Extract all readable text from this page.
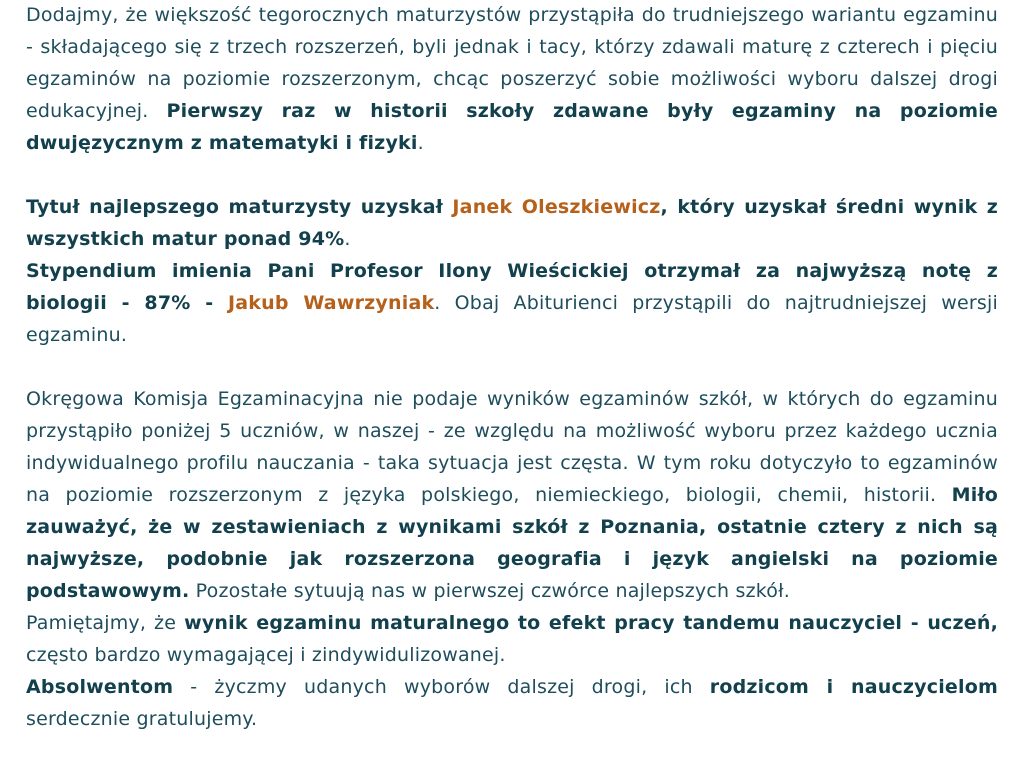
Dodajmy, że większość tegorocznych maturzystów przystąpiła do trudniejszego wariantu egzaminu - składającego się z trzech rozszerzeń, byli jednak i tacy, którzy zdawali maturę z czterech i pięciu egzaminów na poziomie rozszerzonym, chcąc poszerzyć sobie możliwości wyboru dalszej drogi edukacyjnej. Pierwszy raz w historii szkoły zdawane były egzaminy na poziomie dwujęzycznym z matematyki i fizyki.

Tytuł najlepszego maturzysty uzyskał Janek Oleszkiewicz, który uzyskał średni wynik z wszystkich matur ponad 94%.

Stypendium imienia Pani Profesor Ilony Wieścickiej otrzymał za najwyższą notę z biologii - 87% - Jakub Wawrzyniak. Obaj Abiturienci przystąpili do najtrudniejszej wersji egzaminu.

Okręgowa Komisja Egzaminacyjna nie podaje wyników egzaminów szkół, w których do egzaminu przystąpiło poniżej 5 uczniów, w naszej - ze względu na możliwość wyboru przez każdego ucznia indywidualnego profilu nauczania - taka sytuacja jest częsta. W tym roku dotyczyło to egzaminów na poziomie rozszerzonym z języka polskiego, niemieckiego, biologii, chemii, historii. Miło zauważyć, że w zestawieniach z wynikami szkół z Poznania, ostatnie cztery z nich są najwyższe, podobnie jak rozszerzona geografia i język angielski na poziomie podstawowym. Pozostałe sytuują nas w pierwszej czwórce najlepszych szkół.

Pamiętajmy, że wynik egzaminu maturalnego to efekt pracy tandemu nauczyciel - uczeń, często bardzo wymagającej i zindywidulizowanej.

Absolwentom - życzmy udanych wyborów dalszej drogi, ich rodzicom i nauczycielom serdecznie gratulujemy.
